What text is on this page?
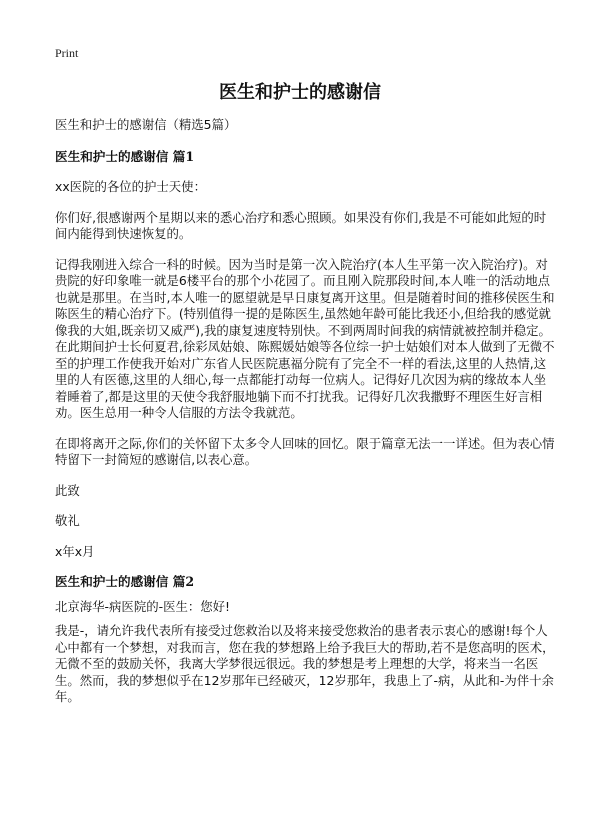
Print
医生和护士的感谢信

医生和护士的感谢信（精选5篇）

医生和护士的感谢信 篇1

xx医院的各位的护士天使：

你们好,很感谢两个星期以来的悉心治疗和悉心照顾。如果没有你们,我是不可能如此短的时间内能得到快速恢复的。

记得我刚进入综合一科的时候。因为当时是第一次入院治疗(本人生平第一次入院治疗)。对贵院的好印象唯一就是6楼平台的那个小花园了。而且刚入院那段时间,本人唯一的活动地点也就是那里。在当时,本人唯一的愿望就是早日康复离开这里。但是随着时间的推移侯医生和陈医生的精心治疗下。(特别值得一提的是陈医生,虽然她年龄可能比我还小,但给我的感觉就像我的大姐,既亲切又威严),我的康复速度特别快。不到两周时间我的病情就被控制并稳定。在此期间护士长何夏君,徐彩凤姑娘、陈熙媛姑娘等各位综一护士姑娘们对本人做到了无微不至的护理工作使我开始对广东省人民医院惠福分院有了完全不一样的看法,这里的人热情,这里的人有医德,这里的人细心,每一点都能打动每一位病人。记得好几次因为病的缘故本人坐着睡着了,都是这里的天使令我舒服地躺下而不打扰我。记得好几次我撒野不理医生好言相劝。医生总用一种令人信服的方法令我就范。

在即将离开之际,你们的关怀留下太多令人回味的回忆。限于篇章无法一一详述。但为表心情特留下一封简短的感谢信,以表心意。

此致

敬礼

x年x月

医生和护士的感谢信 篇2

北京海华-病医院的-医生：您好!

我是-，请允许我代表所有接受过您救治以及将来接受您救治的患者表示衷心的感谢!每个人心中都有一个梦想，对我而言，您在我的梦想路上给予我巨大的帮助,若不是您高明的医术，无微不至的鼓励关怀，我离大学梦很远很远。我的梦想是考上理想的大学，将来当一名医生。然而，我的梦想似乎在12岁那年已经破灭，12岁那年，我患上了-病，从此和-为伴十余年。
